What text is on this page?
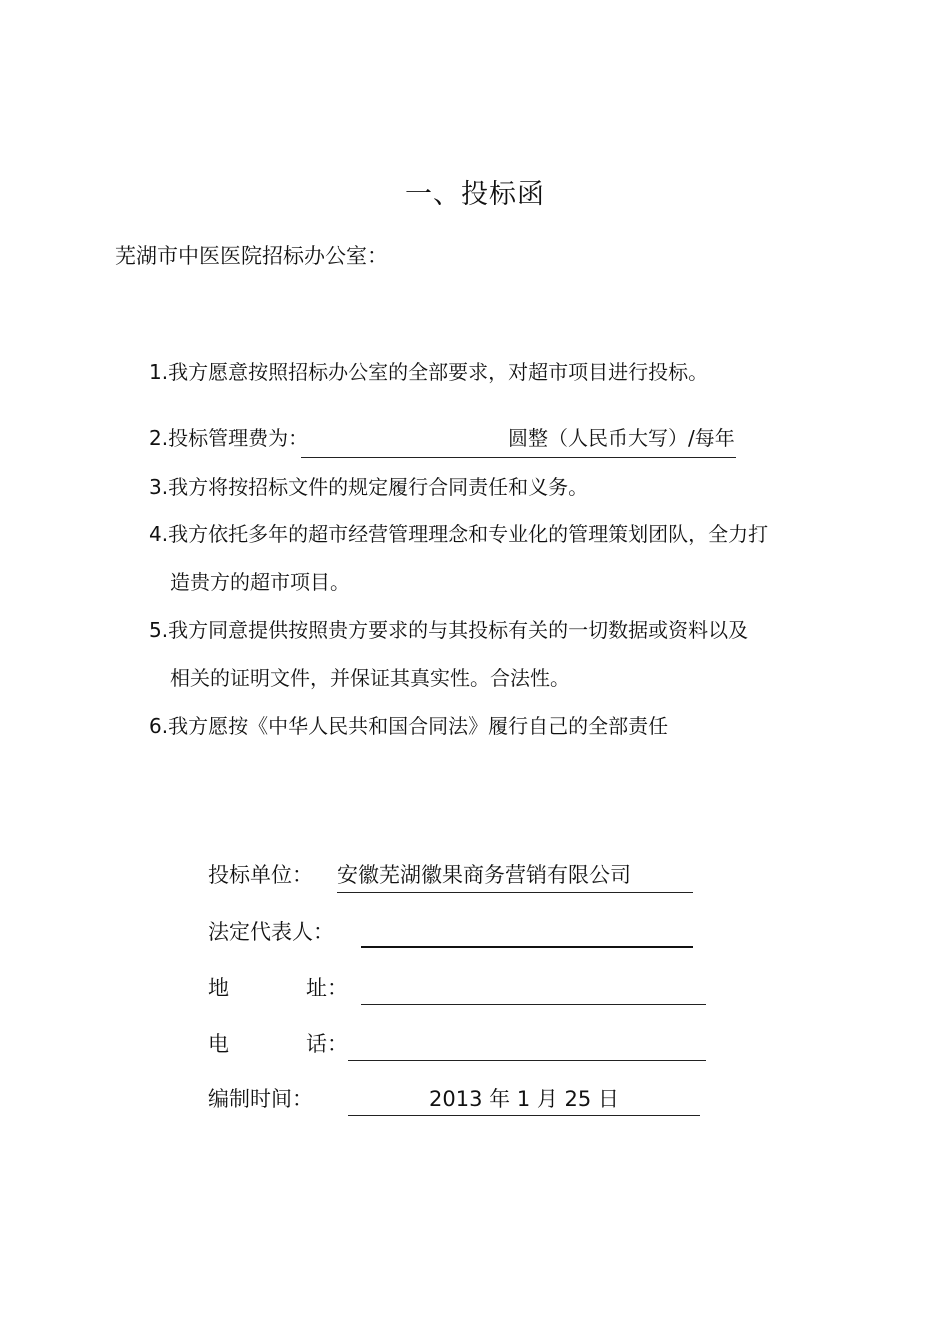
一、投标函
芜湖市中医医院招标办公室：
1.我方愿意按照招标办公室的全部要求，对超市项目进行投标。
2.投标管理费为：	圆整（人民币大写）/每年
3.我方将按招标文件的规定履行合同责任和义务。
4.我方依托多年的超市经营管理理念和专业化的管理策划团队，全力打
造贵方的超市项目。
5.我方同意提供按照贵方要求的与其投标有关的一切数据或资料以及
相关的证明文件，并保证其真实性。合法性。
6.我方愿按《中华人民共和国合同法》履行自己的全部责任
投标单位： 安徽芜湖徽果商务营销有限公司
法定代表人：
地	址：
电	话：
编制时间：	2013 年 1 月 25 日
